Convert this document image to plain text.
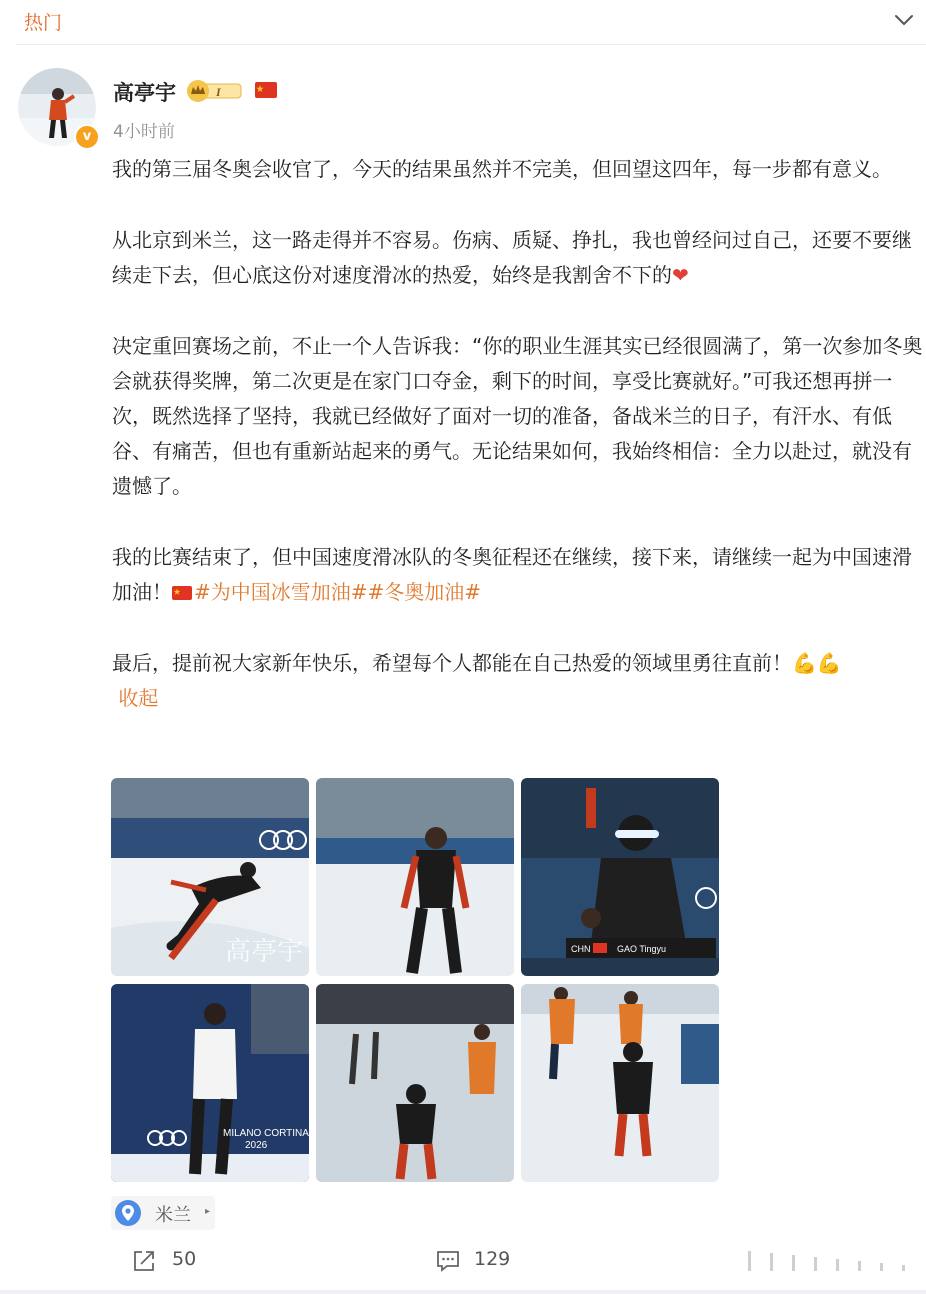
热门
v
高亭宇	I
4小时前

我的第三届冬奥会收官了，今天的结果虽然并不完美，但回望这四年，每一步都有意义。

从北京到米兰，这一路走得并不容易。伤病、质疑、挣扎，我也曾经问过自己，还要不要继续走下去，但心底这份对速度滑冰的热爱，始终是我割舍不下的❤

决定重回赛场之前，不止一个人告诉我：“你的职业生涯其实已经很圆满了，第一次参加冬奥会就获得奖牌，第二次更是在家门口夺金，剩下的时间，享受比赛就好。”可我还想再拼一次，既然选择了坚持，我就已经做好了面对一切的准备，备战米兰的日子，有汗水、有低谷、有痛苦，但也有重新站起来的勇气。无论结果如何，我始终相信：全力以赴过，就没有遗憾了。

我的比赛结束了，但中国速度滑冰队的冬奥征程还在继续，接下来，请继续一起为中国速滑加油！ #为中国冰雪加油##冬奥加油#

最后，提前祝大家新年快乐，希望每个人都能在自己热爱的领域里勇往直前！💪💪
收起

高亭宇	CHN	GAO Tingyu
MILANO CORTINA
2026
米兰 ▸
50	129
